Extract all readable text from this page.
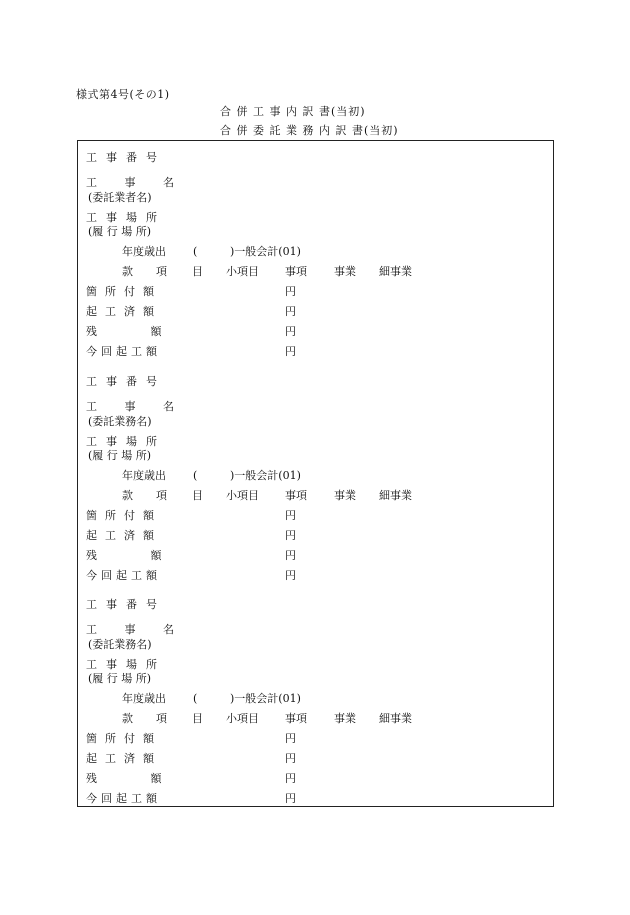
様式第4号(その1)
合 併 工 事 内 訳 書(当初)
合 併 委 託 業 務 内 訳 書(当初)
工 事 番 号
工 事 名
(委託業者名)
工 事 場 所
(履 行 場 所)
年度歳出 (	)一般会計(01)
款 項 目 小項目 事項 事業 細事業
箇 所 付 額	円
起 工 済 額	円
残 額	円
今 回 起 工 額	円
工 事 番 号
工 事 名
(委託業務名)
工 事 場 所
(履 行 場 所)
年度歳出 (	)一般会計(01)
款 項 目 小項目 事項 事業 細事業
箇 所 付 額	円
起 工 済 額	円
残 額	円
今 回 起 工 額	円
工 事 番 号
工 事 名
(委託業務名)
工 事 場 所
(履 行 場 所)
年度歳出 (	)一般会計(01)
款 項 目 小項目 事項 事業 細事業
箇 所 付 額	円
起 工 済 額	円
残 額	円
今 回 起 工 額	円
